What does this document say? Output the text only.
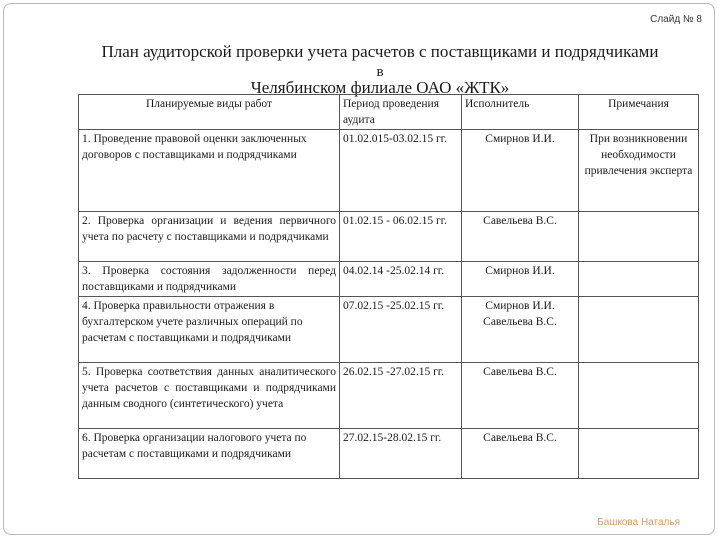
Слайд № 8
План аудиторской проверки учета расчетов с поставщиками и подрядчиками
в
Челябинском филиале ОАО «ЖТК»
Планируемые виды работ	Период проведения аудита	Исполнитель	Примечания
1. Проведение правовой оценки заключенных договоров с поставщиками и подрядчиками	01.02.015-03.02.15 гг.	Смирнов И.И.	При возникновении необходимости привлечения эксперта
2. Проверка организации и ведения первичного учета по расчету с поставщиками и подрядчиками	01.02.15 - 06.02.15 гг.	Савельева В.С.	
3. Проверка состояния задолженности перед поставщиками и подрядчиками	04.02.14 -25.02.14 гг.	Смирнов И.И.	
4. Проверка правильности отражения в бухгалтерском учете различных операций по расчетам с поставщиками и подрядчиками	07.02.15 -25.02.15 гг.	Смирнов И.И. Савельева В.С.	
5. Проверка соответствия данных аналитического учета расчетов с поставщиками и подрядчиками данным сводного (синтетического) учета	26.02.15 -27.02.15 гг.	Савельева В.С.	
6. Проверка организации налогового учета по расчетам с поставщиками и подрядчиками	27.02.15-28.02.15 гг.	Савельева В.С.	
Башкова Наталья
